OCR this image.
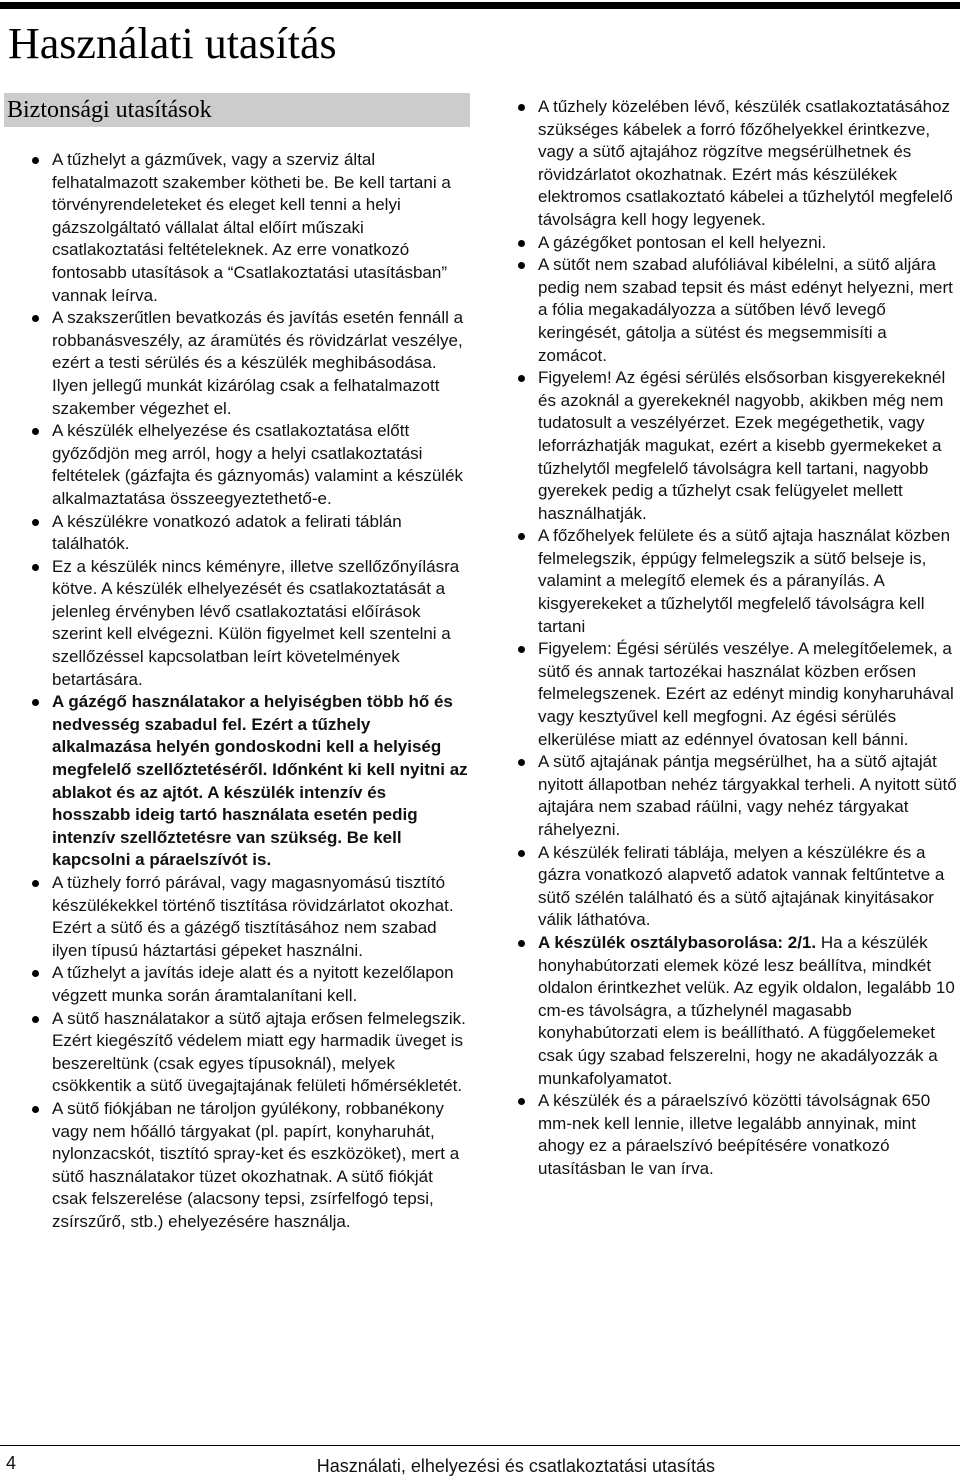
Használati utasítás
Biztonsági utasítások
A tűzhelyt a gázművek, vagy a szerviz által felhatalmazott szakember kötheti be. Be kell tartani a törvényrendeleteket és eleget kell tenni a helyi gázszolgáltató vállalat által előírt műszaki csatlakoztatási feltételeknek. Az erre vonatkozó fontosabb utasítások a “Csatlakoztatási utasításban” vannak leírva.
A szakszerűtlen bevatkozás és javítás esetén fennáll a robbanásveszély, az áramütés és rövidzárlat veszélye, ezért a testi sérülés és a készülék meghibásodása. Ilyen jellegű munkát kizárólag csak a felhatalmazott szakember végezhet el.
A készülék elhelyezése és csatlakoztatása előtt győződjön meg arról, hogy a helyi csatlakoztatási feltételek (gázfajta és gáznyomás) valamint a készülék alkalmaztatása összeegyeztethető-e.
A készülékre vonatkozó adatok a felirati táblán találhatók.
Ez a készülék nincs kéményre, illetve szellőzőnyílásra kötve. A készülék elhelyezését és csatlakoztatását a jelenleg érvényben lévő csatlakoztatási előírások szerint kell elvégezni. Külön figyelmet kell szentelni a szellőzéssel kapcsolatban leírt követelmények betartására.
A gázégő használatakor a helyiségben több hő és nedvesség szabadul fel. Ezért a tűzhely alkalmazása helyén gondoskodni kell a helyiség megfelelő szellőztetéséről. Időnként ki kell nyitni az ablakot és az ajtót. A készülék intenzív és hosszabb ideig tartó használata esetén pedig intenzív szellőztetésre van szükség. Be kell kapcsolni a páraelszívót is.
A tüzhely forró párával, vagy magasnyomású tisztító készülékekkel történő tisztítása rövidzárlatot okozhat. Ezért a sütő és a gázégő tisztításához nem szabad ilyen típusú háztartási gépeket használni.
A tűzhelyt a javítás ideje alatt és a nyitott kezelőlapon végzett munka során áramtalanítani kell.
A sütő használatakor a sütő ajtaja erősen felmelegszik. Ezért kiegészítő védelem miatt egy harmadik üveget is beszereltünk (csak egyes típusoknál), melyek csökkentik a sütő üvegajtajának felületi hőmérsékletét.
A sütő fiókjában ne tároljon gyúlékony, robbanékony vagy nem hőálló tárgyakat (pl. papírt, konyharuhát, nylonzacskót, tisztító spray-ket és eszközöket), mert a sütő használatakor tüzet okozhatnak. A sütő fiókját csak felszerelése (alacsony tepsi, zsírfelfogó tepsi, zsírszűrő, stb.) ehelyezésére használja.
A tűzhely közelében lévő, készülék csatlakoztatásához szükséges kábelek a forró főzőhelyekkel érintkezve, vagy a sütő ajtajához rögzítve megsérülhetnek és rövidzárlatot okozhatnak. Ezért más készülékek elektromos csatlakoztató kábelei a tűzhelytól megfelelő távolságra kell hogy legyenek.
A gázégőket pontosan el kell helyezni.
A sütőt nem szabad alufóliával kibélelni, a sütő aljára pedig nem szabad tepsit és mást edényt helyezni, mert a fólia megakadályozza a sütőben lévő levegő keringését, gátolja a sütést és megsemmisíti a zomácot.
Figyelem! Az égési sérülés elsősorban kisgyerekeknél és azoknál a gyerekeknél nagyobb, akikben még nem tudatosult a veszélyérzet. Ezek megégethetik, vagy leforrázhatják magukat, ezért a kisebb gyermekeket a tűzhelytől megfelelő távolságra kell tartani, nagyobb gyerekek pedig a tűzhelyt csak felügyelet mellett használhatják.
A főzőhelyek felülete és a sütő ajtaja használat közben felmelegszik, éppúgy felmelegszik a sütő belseje is, valamint a melegítő elemek és a páranyílás. A kisgyerekeket a tűzhelytől megfelelő távolságra kell tartani
Figyelem: Égési sérülés veszélye. A melegítőelemek, a sütő és annak tartozékai használat közben erősen felmelegszenek. Ezért az edényt mindig konyharuhával vagy kesztyűvel kell megfogni. Az égési sérülés elkerülése miatt az edénnyel óvatosan kell bánni.
A sütő ajtajának pántja megsérülhet, ha a sütő ajtaját nyitott állapotban nehéz tárgyakkal terheli. A nyitott sütő ajtajára nem szabad ráülni, vagy nehéz tárgyakat ráhelyezni.
A készülék felirati táblája, melyen a készülékre és a gázra vonatkozó alapvető adatok vannak feltűntetve a sütő szélén található és a sütő ajtajának kinyitásakor válik láthatóva.
A készülék osztálybasorolása: 2/1. Ha a készülék honyhabútorzati elemek közé lesz beállítva, mindkét oldalon érintkezhet velük. Az egyik oldalon, legalább 10 cm-es távolságra, a tűzhelynél magasabb konyhabútorzati elem is beállítható. A függőelemeket csak úgy szabad felszerelni, hogy ne akadályozzák a munkafolyamatot.
A készülék és a páraelszívó közötti távolságnak 650 mm-nek kell lennie, illetve legalább annyinak, mint ahogy ez a páraelszívó beépítésére vonatkozó utasításban le van írva.
4	Használati, elhelyezési és csatlakoztatási utasítás
